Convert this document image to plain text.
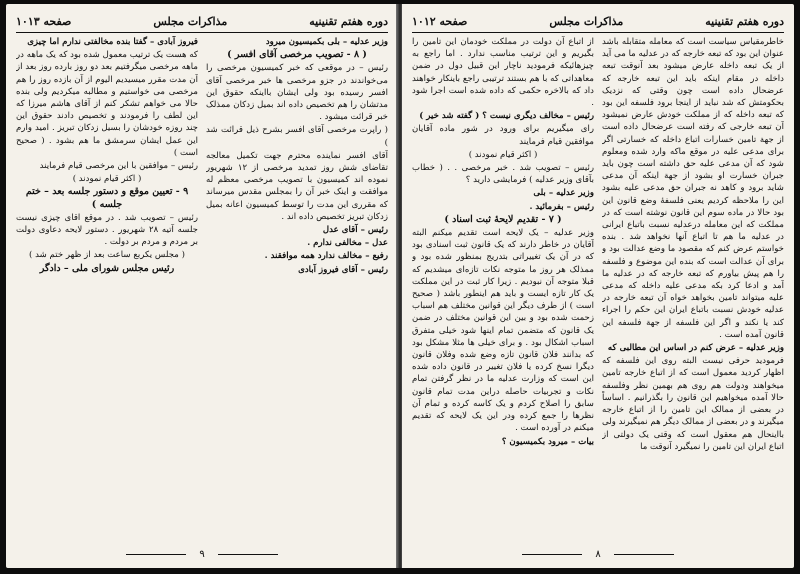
دوره هفتم تقنینیه
مذاکرات مجلس
صفحه ۱۰۱۳

وزیر عدلیه – بلی بکمیسیون میرود

( ۸ - تصویب مرخصی آقای افسر )

رئیس – در موقعی که خبر کمیسیون مرخصی را می‌خواندند در جزو مرخصی ها خبر مرخصی آقای افسر رسیده بود ولی ایشان بااینکه حقوق این مدتشان را هم تخصیص داده اند بمیل زدکان ممذلک خبر قرائت میشود .

( راپرت مرخصی آقای افسر بشرح ذیل قرائت شد )

آقای افسر نماینده محترم جهت تکمیل معالجه تقاضای شش روز تمدید مرخصی از ۱۲ شهریور نموده اند کمیسیون با تصویب مرخصی معظم له موافقت و اینک خبر آن را بمجلس مقدس میرساند که مقرری این مدت را توسط کمیسیون اعانه بمیل زدکان تبریز تخصیص داده اند .

رئیس – آقای عدل

عدل – مخالفی ندارم .

رفیع – مخالف ندارد همه موافقند .

رئیس – آقای فیروز آبادی

فیروز آبادی – گفتا بنده مخالفتی ندارم اما چیزی

که هست یک ترتیب معمول شده بود که یک ماهه در ماهه مرخصی میگرفتیم بعد دو روز بارده روز بعد از آن مدت مقرر میسیدیم الیوم از آن بازده روز را هم مرخصی می خواستیم و مطالبه میکردیم ولی بنده حالا می خواهم تشکر کنم از آقای هاشم میرزا که این لطف را فرمودند و تخصیص دادند حقوق این چند روزه خودشان را بسیل زدکان تبریز . امید وارم این عمل ایشان سرمشق ما هم بشود . ( صحیح است )

رئیس – موافقین با این مرخصی قیام فرمایند

( اکثر قیام نمودند )

۹ - تعیین موقع و دستور جلسه بعد – ختم جلسه )

رئیس – تصویب شد . در موقع اقای چیزی نیست جلسه آتیه ۲۸ شهریور . دستور لایحه دعاوی دولت بر مردم و مردم بر دولت .

( مجلس یکربع ساعت بعد از ظهر ختم شد )

رئیس مجلس شورای ملی – دادگر

۹
دوره هفتم تقنینیه
مذاکرات مجلس
صفحه ۱۰۱۲

خاطرمقیاس سیاست است که معامله متقابله باشد عنوان این بود که تبعه خارجه که در عدلیه ما می آید از یک تبعه داخله عارض میشود بعد آنوقت تبعه داخله در مقام اینکه باید این تبعه خارجه که عرضحال داده است چون وقتی که نزدیک بحکومتش که شد نباید از اینجا برود فلسفه این بود که تبعه داخله که از مملکت خودش عارض نمیشود آن تبعه خارجی که رفته است عرضحال داده است از جهة تامین خسارات اتباع داخله که خسارتی اگر برای مدعی علیه در موقع ماکه وارد شده ومعلوم شود که آن مدعی علیه حق داشته است چون باید جبران خسارت او بشود از جهة اینکه آن مدعی شاید برود و کاهد نه جبران حق مدعی علیه بشود این را ملاحظه کردیم یعنی فلسفهٔ وضع قانون این بود حالا در ماده سوم این قانون نوشته است که در مملکت که این معامله درعدلیه نسبت باتباع ایرانی در عدلیه ما هم تا اتباع آنها نخواهد شد . بنده خواستم عرض کنم که مقصود ما وضع عدالت بود و برای آن عدالت است که بنده این موضوع و فلسفه را هم پیش بیاورم که تبعه خارجه که در عدلیه ما آمد و ادعا کرد بکه مدعی علیه داخله که مدعی علیه میتواند تامین بخواهد خواه آن تبعه خارجه در عدلیه خودش نسبت باتباع ایران این حکم را اجراء کند یا نکند و اگر این فلسفه از جهة فلسفه این قانون آمده است .

وزیر عدلیه – عرض کنم در اساس این مطالبی که

فرمودید حرفی نیست البته روی این فلسفه که اظهار کردید معمول است که از اتباع خارجه تامین میخواهند ودولت هم روی هم بهمین نظر وفلسفه حالا آمده میخواهیم این قانون را بگذرانیم . اساساً در بعضی از ممالک این تامین را از اتباع خارجه میگیرند و در بعضی از ممالک دیگر هم نمیگیرند ولی بااینحال هم معقول است که وقتی یک دولتی از اتباع ایران این تامین را نمیگیرد آنوقت ما

از اتباع آن دولت در مملکت خودمان این تامین را بگیریم و این ترتیب مناسب ندارد . اما راجع به چیزهائیکه فرمودید ناچار این قبیل دول در ضمن معاهداتی که با هم بستند ترتیبی راجع باینکار خواهند داد که بالاخره حکمی که داده شده است اجرا شود .

رئیس – مخالف دیگری نیست ؟ ( گفته شد خیر )

رای میگیریم برای ورود در شور ماده آقایان موافقین قیام فرمایند

( اکثر قیام نمودند )

رئیس – تصویب شد . خبر مرخصی . . ( خطاب بآقای وزیر عدلیه ) فرمایشی دارید ؟

وزیر عدلیه – بلی

رئیس – بفرمائید .

( ۷ - تقدیم لایحهٔ ثبت اسناد )

وزیر عدلیه – یک لایحه است تقدیم میکنم البته آقایان در خاطر دارند که یک قانون ثبت اسنادی بود که در آن یک تغییراتی بتدریج بمنظور شده بود و ممذلک هر روز ما متوجه نکات تازه‌ای میشدیم که قبلا متوجه آن نبودیم . زیرا کار ثبت در این مملکت یک کار تازه ایست و باید هم اینطور باشد ( صحیح است ) از طرف دیگر این قوانین مختلف هم اسباب زحمت شده بود و بین این قوانین مختلف در ضمن یک قانون که متضمن تمام اینها شود خیلی متفرق اسباب اشکال بود . و برای خیلی ها مثلا مشکل بود که بدانند فلان قانون تازه وضع شده وفلان قانون دیگرا نسخ کرده یا فلان تغییر در قانون داده شده این است که وزارت عدلیه ما در نظر گرفتن تمام نکات و تجربیات حاصله دراین مدت تمام قانون سابق را اصلاح کردم و یک کاسه کرده و تمام آن نظرها را جمع کرده ودر این یک لایحه که تقدیم میکنم در آورده است .

بیات – میرود بکمیسیون ؟

۸
